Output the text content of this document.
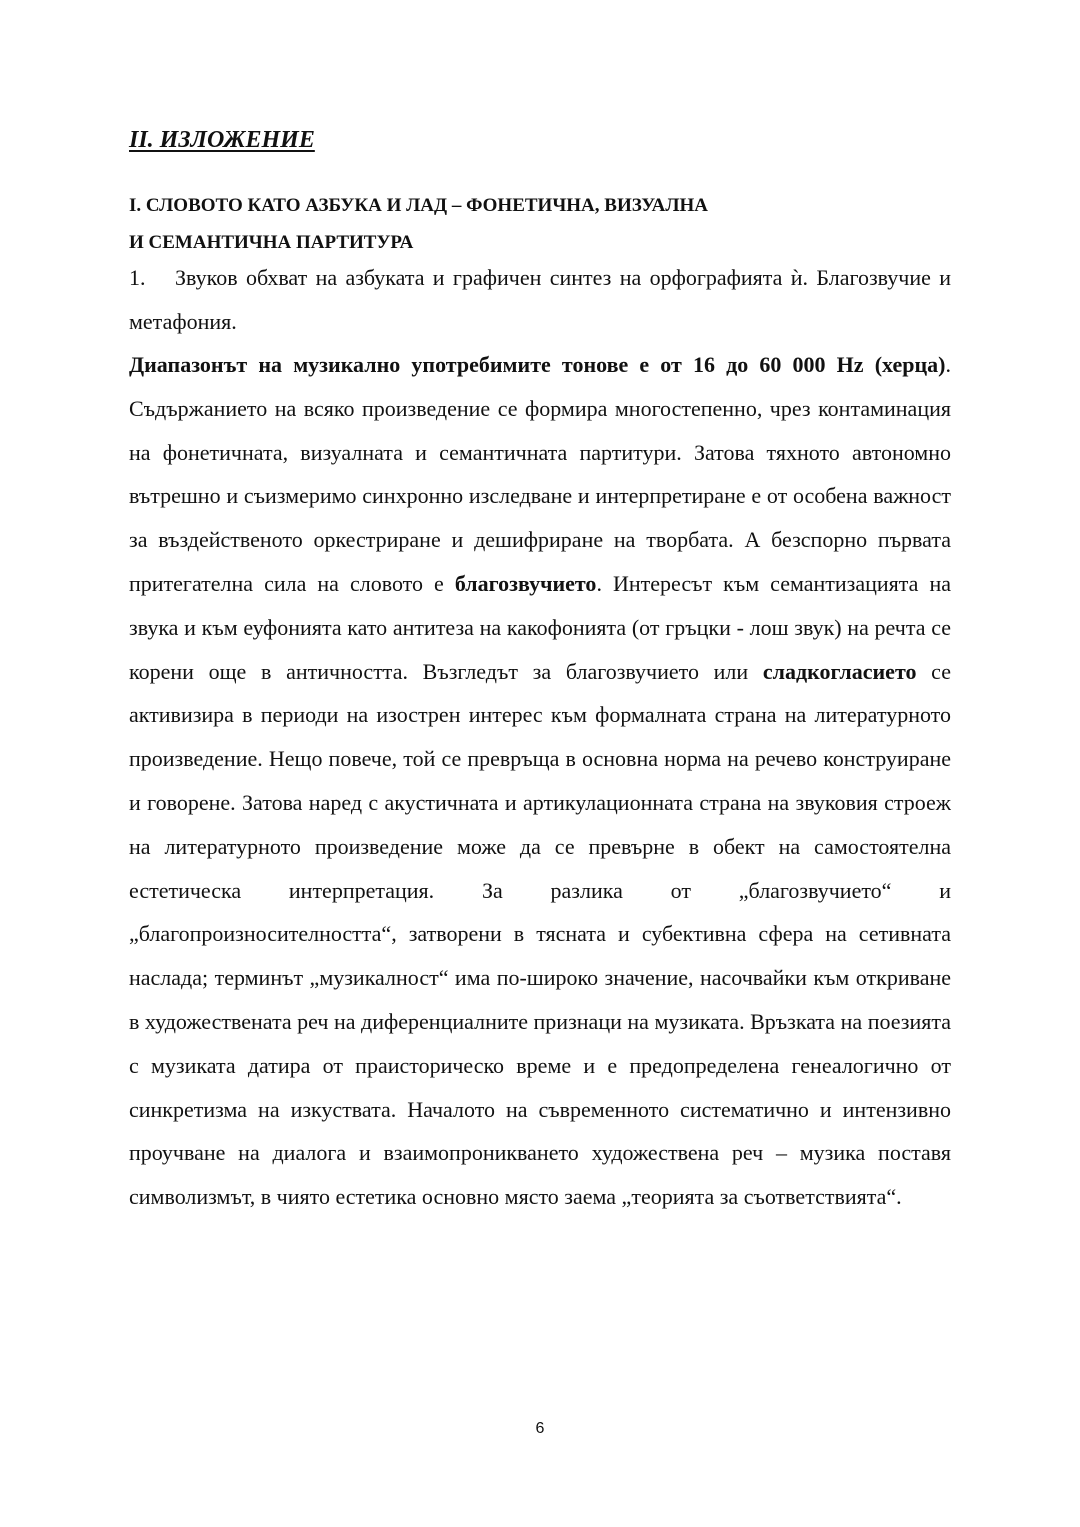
II. ИЗЛОЖЕНИЕ
I. СЛОВОТО КАТО АЗБУКА И ЛАД – ФОНЕТИЧНА, ВИЗУАЛНА
И СЕМАНТИЧНА ПАРТИТУРА

1. Звуков обхват на азбуката и графичен синтез на орфографията ѝ. Благозвучие и метафония.

Диапазонът на музикално употребимите тонове е от 16 до 60 000 Hz (херца). Съдържанието на всяко произведение се формира многостепенно, чрез контаминация на фонетичната, визуалната и семантичната партитури. Затова тяхното автономно вътрешно и съизмеримо синхронно изследване и интерпретиране е от особена важност за въздейственото оркестриране и дешифриране на творбата. А безспорно първата притегателна сила на словото е благозвучието. Интересът към семантизацията на звука и към еуфонията като антитеза на какофонията (от гръцки - лош звук) на речта се корени още в античността. Възгледът за благозвучието или сладкогласието се активизира в периоди на изострен интерес към формалната страна на литературното произведение. Нещо повече, той се превръща в основна норма на речево конструиране и говорене. Затова наред с акустичната и артикулационната страна на звуковия строеж на литературното произведение може да се превърне в обект на самостоятелна естетическа интерпретация. За разлика от „благозвучието“ и „благопроизносителността“, затворени в тясната и субективна сфера на сетивната наслада; терминът „музикалност“ има по-широко значение, насочвайки към откриване в художествената реч на диференциалните признаци на музиката. Връзката на поезията с музиката датира от праисторическо време и е предопределена генеалогично от синкретизма на изкуствата. Началото на съвременното систематично и интензивно проучване на диалога и взаимопроникването художествена реч – музика поставя символизмът, в чиято естетика основно място заема „теорията за съответствията“.

6
